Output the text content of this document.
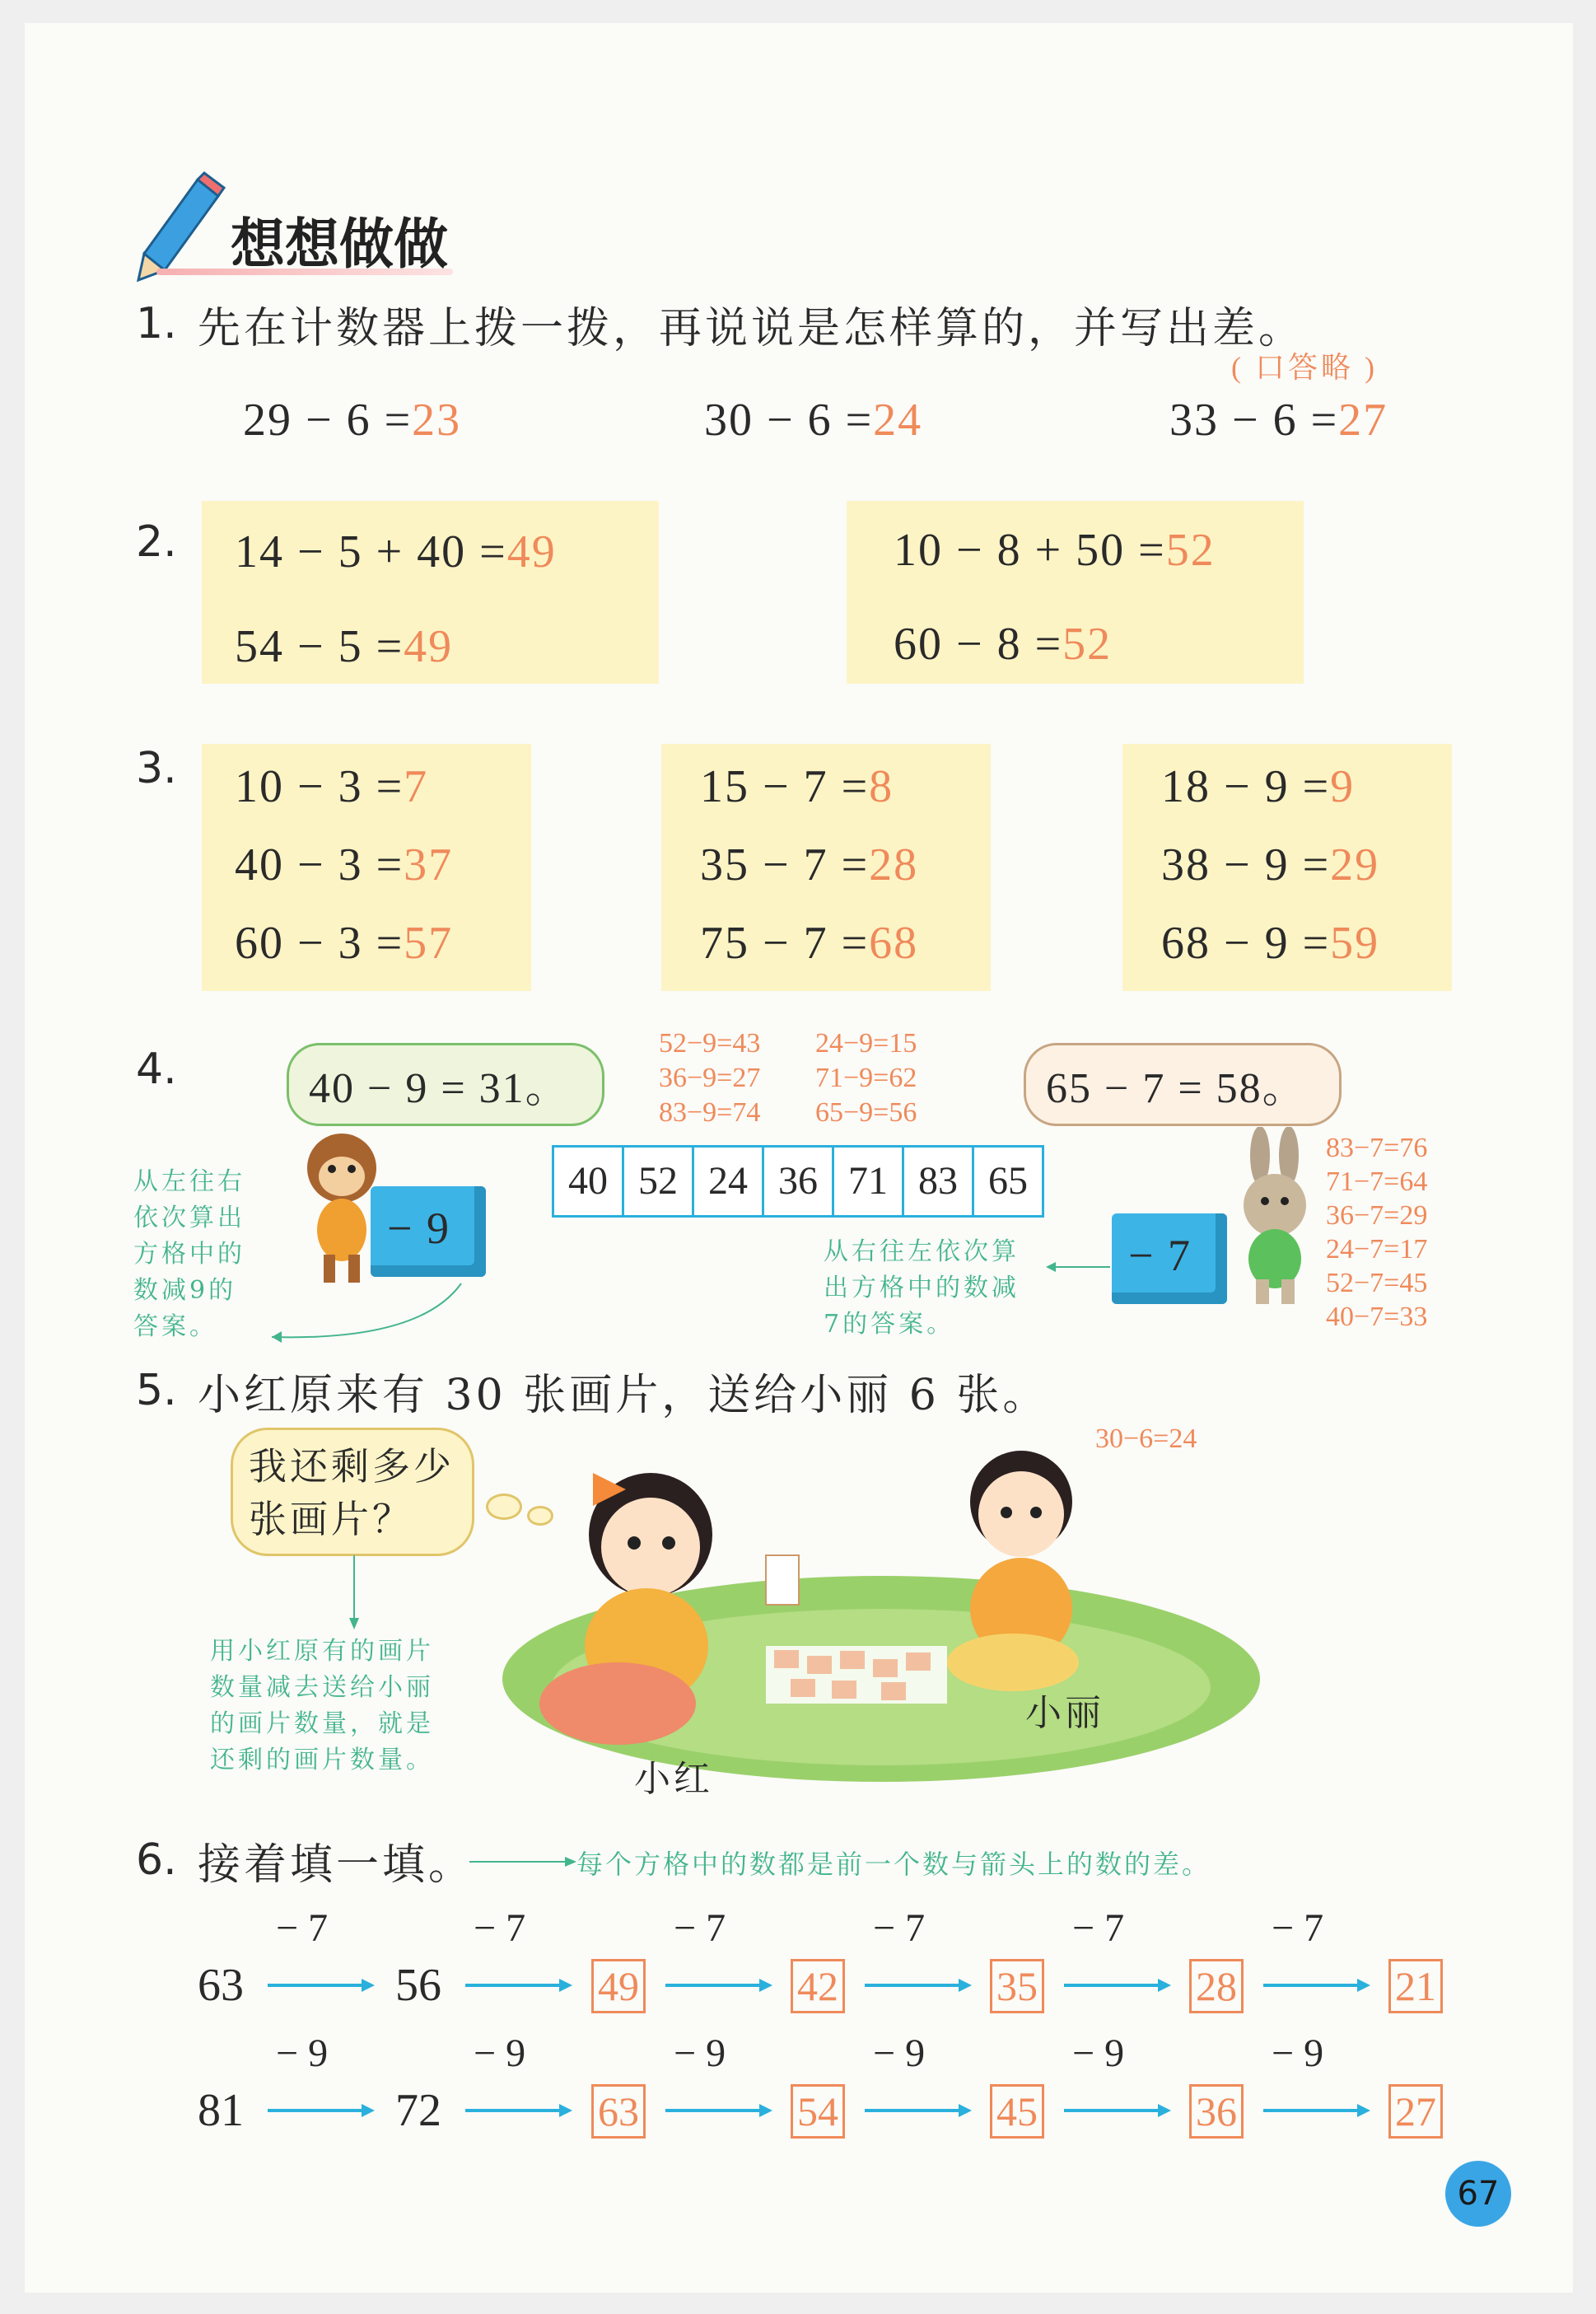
想想做做
1. 先在计数器上拨一拨，再说说是怎样算的，并写出差。
( 口答略 )
29 − 6 =23	30 − 6 =24	33 − 6 =27
2. 14 − 5 + 40 =49
54 − 5 =49
10 − 8 + 50 =52
60 − 8 =52
3. 10 − 3 =7
40 − 3 =37
60 − 3 =57
15 − 7 =8
35 − 7 =28
75 − 7 =68
18 − 9 =9
38 − 9 =29
68 − 9 =59
4.	40 − 9 = 31。	65 − 7 = 58。
52−9=43 24−9=15
36−9=27 71−9=62
83−9=74 65−9=56
40 52 24 36 71 83 65
− 9
从左往右
依次算出
方格中的
数减9的
答案。
− 7
83−7=76
71−7=64
36−7=29
24−7=17
52−7=45
40−7=33
从右往左依次算
出方格中的数减
7的答案。
5. 小红原来有 30 张画片，送给小丽 6 张。
30−6=24
我还剩多少
张画片？
用小红原有的画片
数量减去送给小丽
的画片数量，就是
还剩的画片数量。	小红
小丽
6. 接着填一填。	每个方格中的数都是前一个数与箭头上的数的差。
63	56	49	42	35	28	21
− 7	− 7	− 7	− 7	− 7	− 7
81	72	63	54	45	36	27
− 9	− 9	− 9	− 9	− 9	− 9
67
